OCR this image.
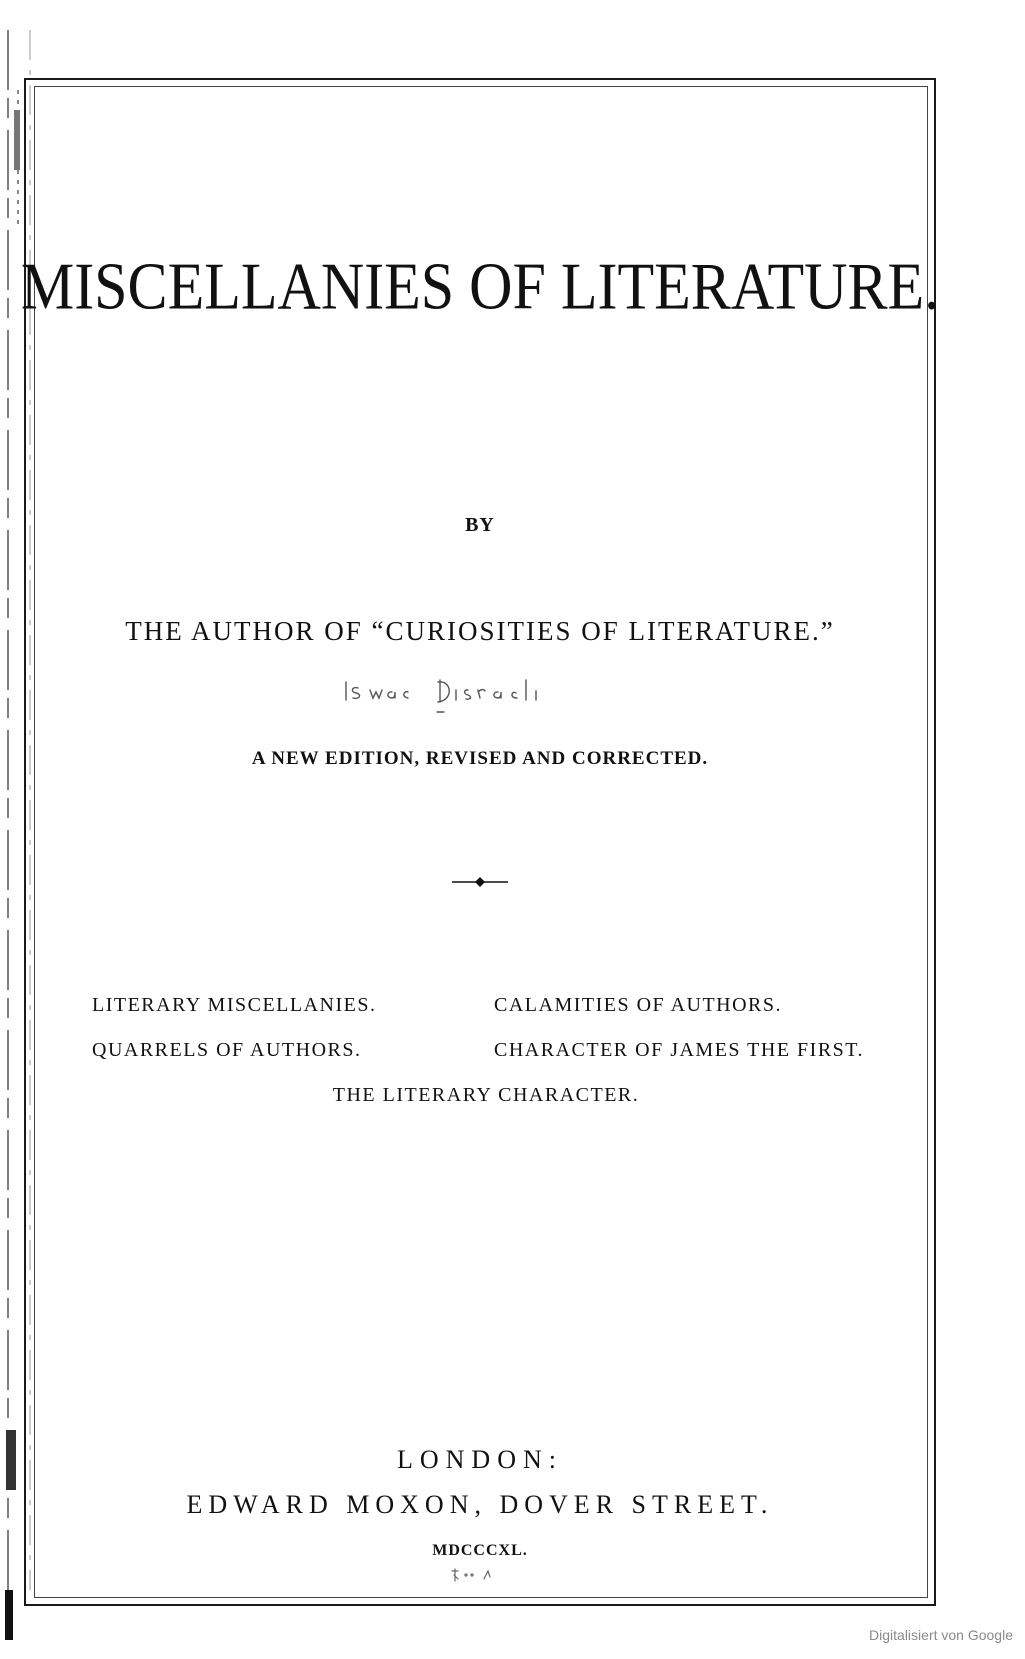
MISCELLANIES OF LITERATURE.

BY

THE AUTHOR OF “CURIOSITIES OF LITERATURE.”

A NEW EDITION, REVISED AND CORRECTED.

LITERARY MISCELLANIES.	CALAMITIES OF AUTHORS.
QUARRELS OF AUTHORS.	CHARACTER OF JAMES THE FIRST.
THE LITERARY CHARACTER.

LONDON:

EDWARD MOXON, DOVER STREET.

MDCCCXL.

Digitalisiert von Google
